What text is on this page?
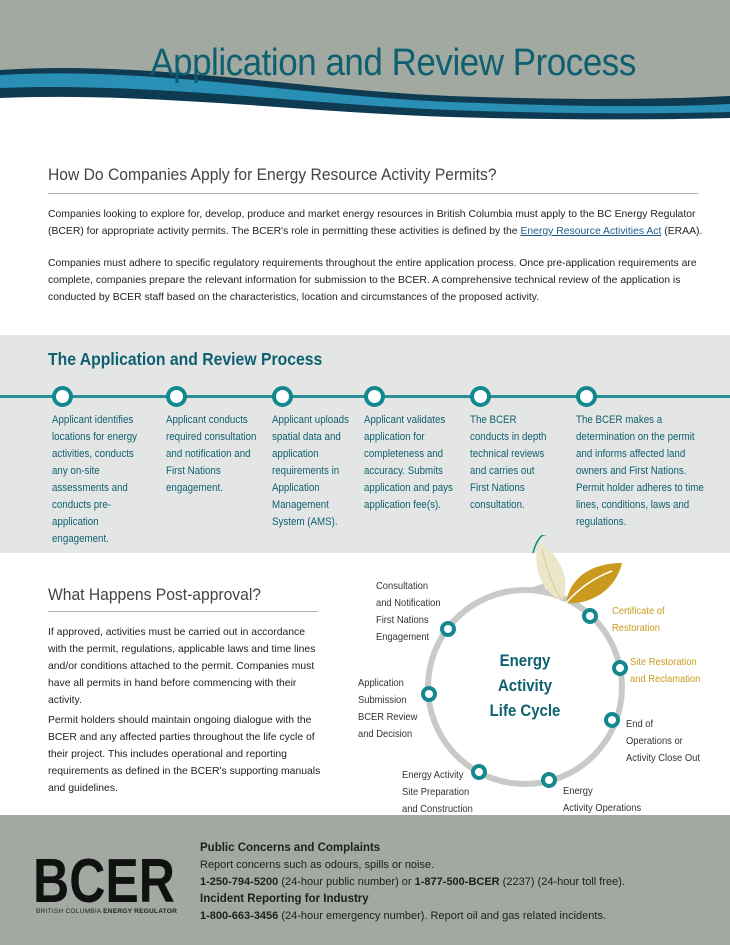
Application and Review Process
How Do Companies Apply for Energy Resource Activity Permits?
Companies looking to explore for, develop, produce and market energy resources in British Columbia must apply to the BC Energy Regulator (BCER) for appropriate activity permits. The BCER's role in permitting these activities is defined by the Energy Resource Activities Act (ERAA).
Companies must adhere to specific regulatory requirements throughout the entire application process. Once pre-application requirements are complete, companies prepare the relevant information for submission to the BCER. A comprehensive technical review of the application is conducted by BCER staff based on the characteristics, location and circumstances of the proposed activity.
The Application and Review Process
Applicant identifies locations for energy activities, conducts any on-site assessments and conducts pre-application engagement.
Applicant conducts required consultation and notification and First Nations engagement.
Applicant uploads spatial data and application requirements in Application Management System (AMS).
Applicant validates application for completeness and accuracy. Submits application and pays application fee(s).
The BCER conducts in depth technical reviews and carries out First Nations consultation.
The BCER makes a determination on the permit and informs affected land owners and First Nations. Permit holder adheres to time lines, conditions, laws and regulations.
What Happens Post-approval?
If approved, activities must be carried out in accordance with the permit, regulations, applicable laws and time lines and/or conditions attached to the permit. Companies must have all permits in hand before commencing with their activity.
Permit holders should maintain ongoing dialogue with the BCER and any affected parties throughout the life cycle of their project. This includes operational and reporting requirements as defined in the BCER's supporting manuals and guidelines.
Energy
Activity
Life Cycle
Consultation
and Notification
First Nations
Engagement
Application
Submission
BCER Review
and Decision
Energy Activity
Site Preparation
and Construction
Energy
Activity Operations
End of
Operations or
Activity Close Out
Site Restoration
and Reclamation
Certificate of
Restoration
BCER
BRITISH COLUMBIA ENERGY REGULATOR
Public Concerns and Complaints
Report concerns such as odours, spills or noise.
1-250-794-5200 (24-hour public number) or 1-877-500-BCER (2237) (24-hour toll free).
Incident Reporting for Industry
1-800-663-3456 (24-hour emergency number). Report oil and gas related incidents.
